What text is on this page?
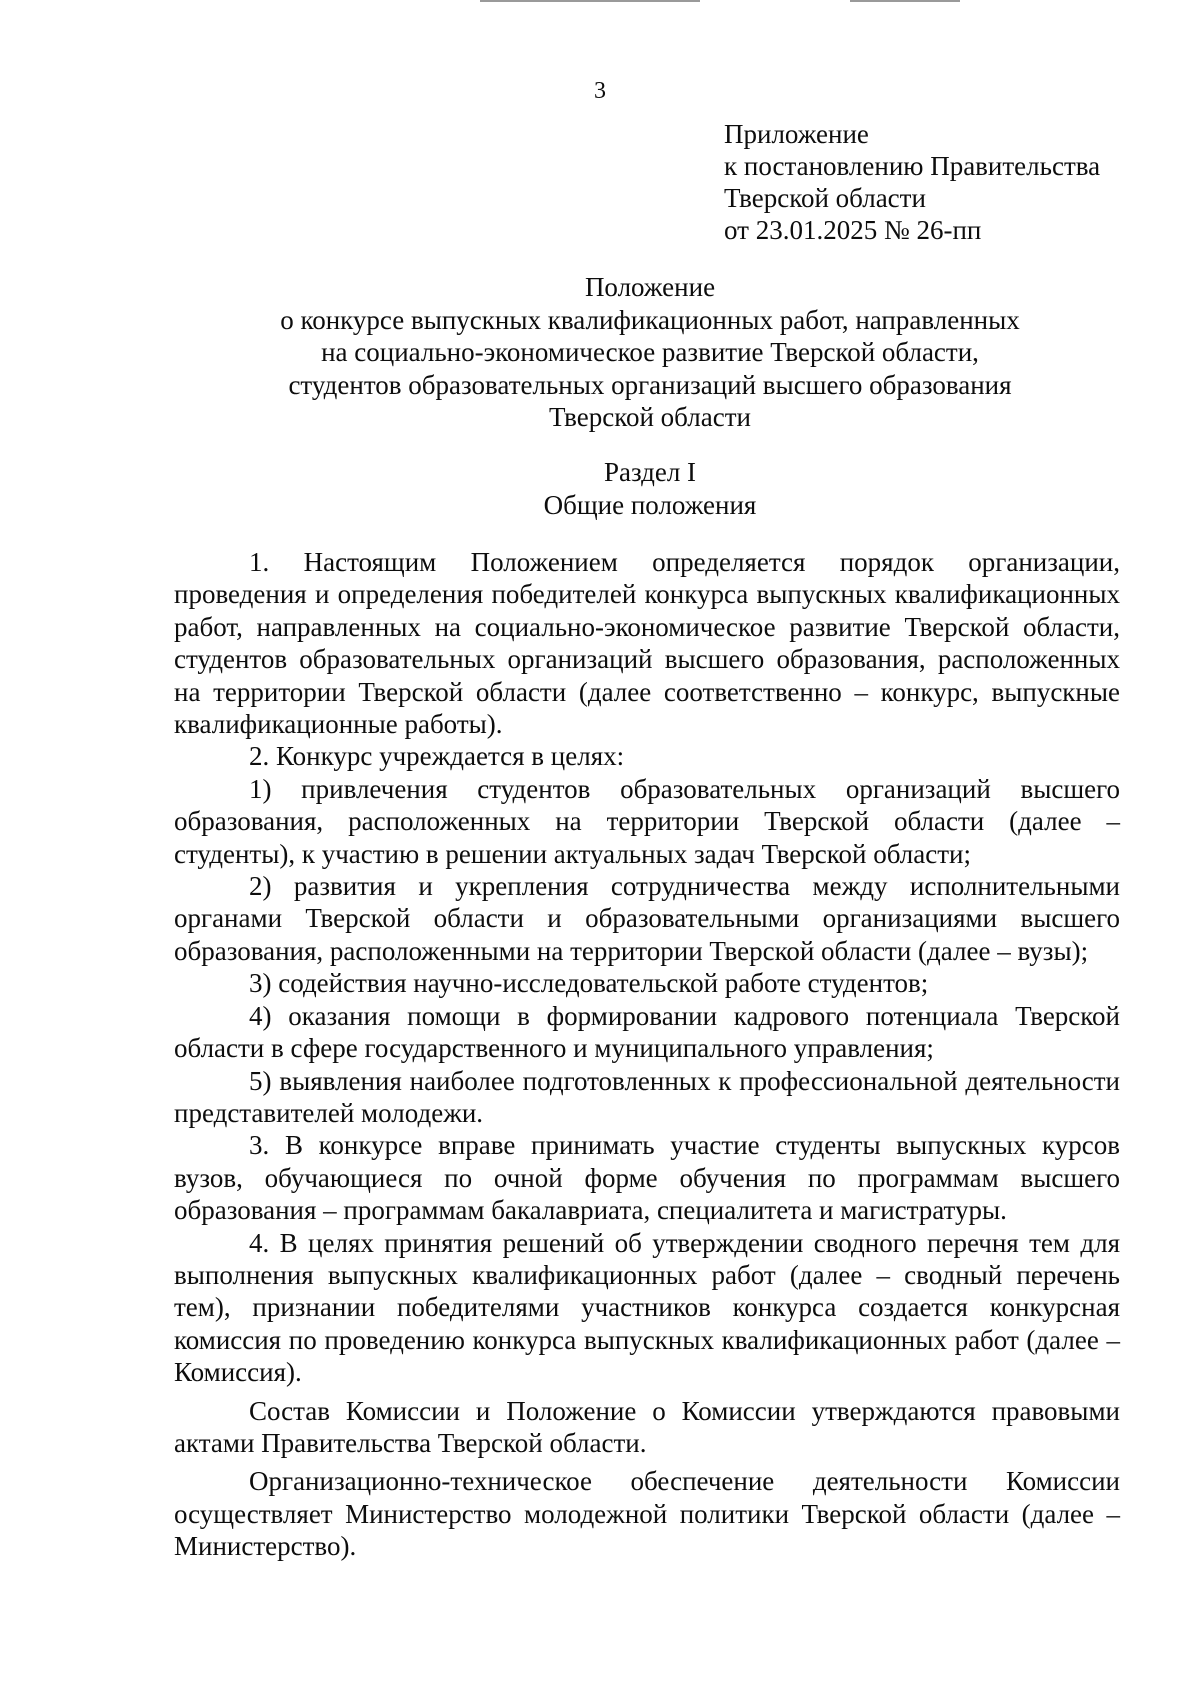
3
Приложение
к постановлению Правительства
Тверской области
от 23.01.2025 № 26-пп
Положение
о конкурсе выпускных квалификационных работ, направленных
на социально-экономическое развитие Тверской области,
студентов образовательных организаций высшего образования
Тверской области
Раздел I
Общие положения

1. Настоящим Положением определяется порядок организации, проведения и определения победителей конкурса выпускных квалификационных работ, направленных на социально-экономическое развитие Тверской области, студентов образовательных организаций высшего образования, расположенных на территории Тверской области (далее соответственно – конкурс, выпускные квалификационные работы).

2. Конкурс учреждается в целях:

1) привлечения студентов образовательных организаций высшего образования, расположенных на территории Тверской области (далее – студенты), к участию в решении актуальных задач Тверской области;

2) развития и укрепления сотрудничества между исполнительными органами Тверской области и образовательными организациями высшего образования, расположенными на территории Тверской области (далее – вузы);

3) содействия научно-исследовательской работе студентов;

4) оказания помощи в формировании кадрового потенциала Тверской области в сфере государственного и муниципального управления;

5) выявления наиболее подготовленных к профессиональной деятельности представителей молодежи.

3. В конкурсе вправе принимать участие студенты выпускных курсов вузов, обучающиеся по очной форме обучения по программам высшего образования – программам бакалавриата, специалитета и магистратуры.

4. В целях принятия решений об утверждении сводного перечня тем для выполнения выпускных квалификационных работ (далее – сводный перечень тем), признании победителями участников конкурса создается конкурсная комиссия по проведению конкурса выпускных квалификационных работ (далее – Комиссия).

Состав Комиссии и Положение о Комиссии утверждаются правовыми актами Правительства Тверской области.

Организационно-техническое обеспечение деятельности Комиссии осуществляет Министерство молодежной политики Тверской области (далее – Министерство).
